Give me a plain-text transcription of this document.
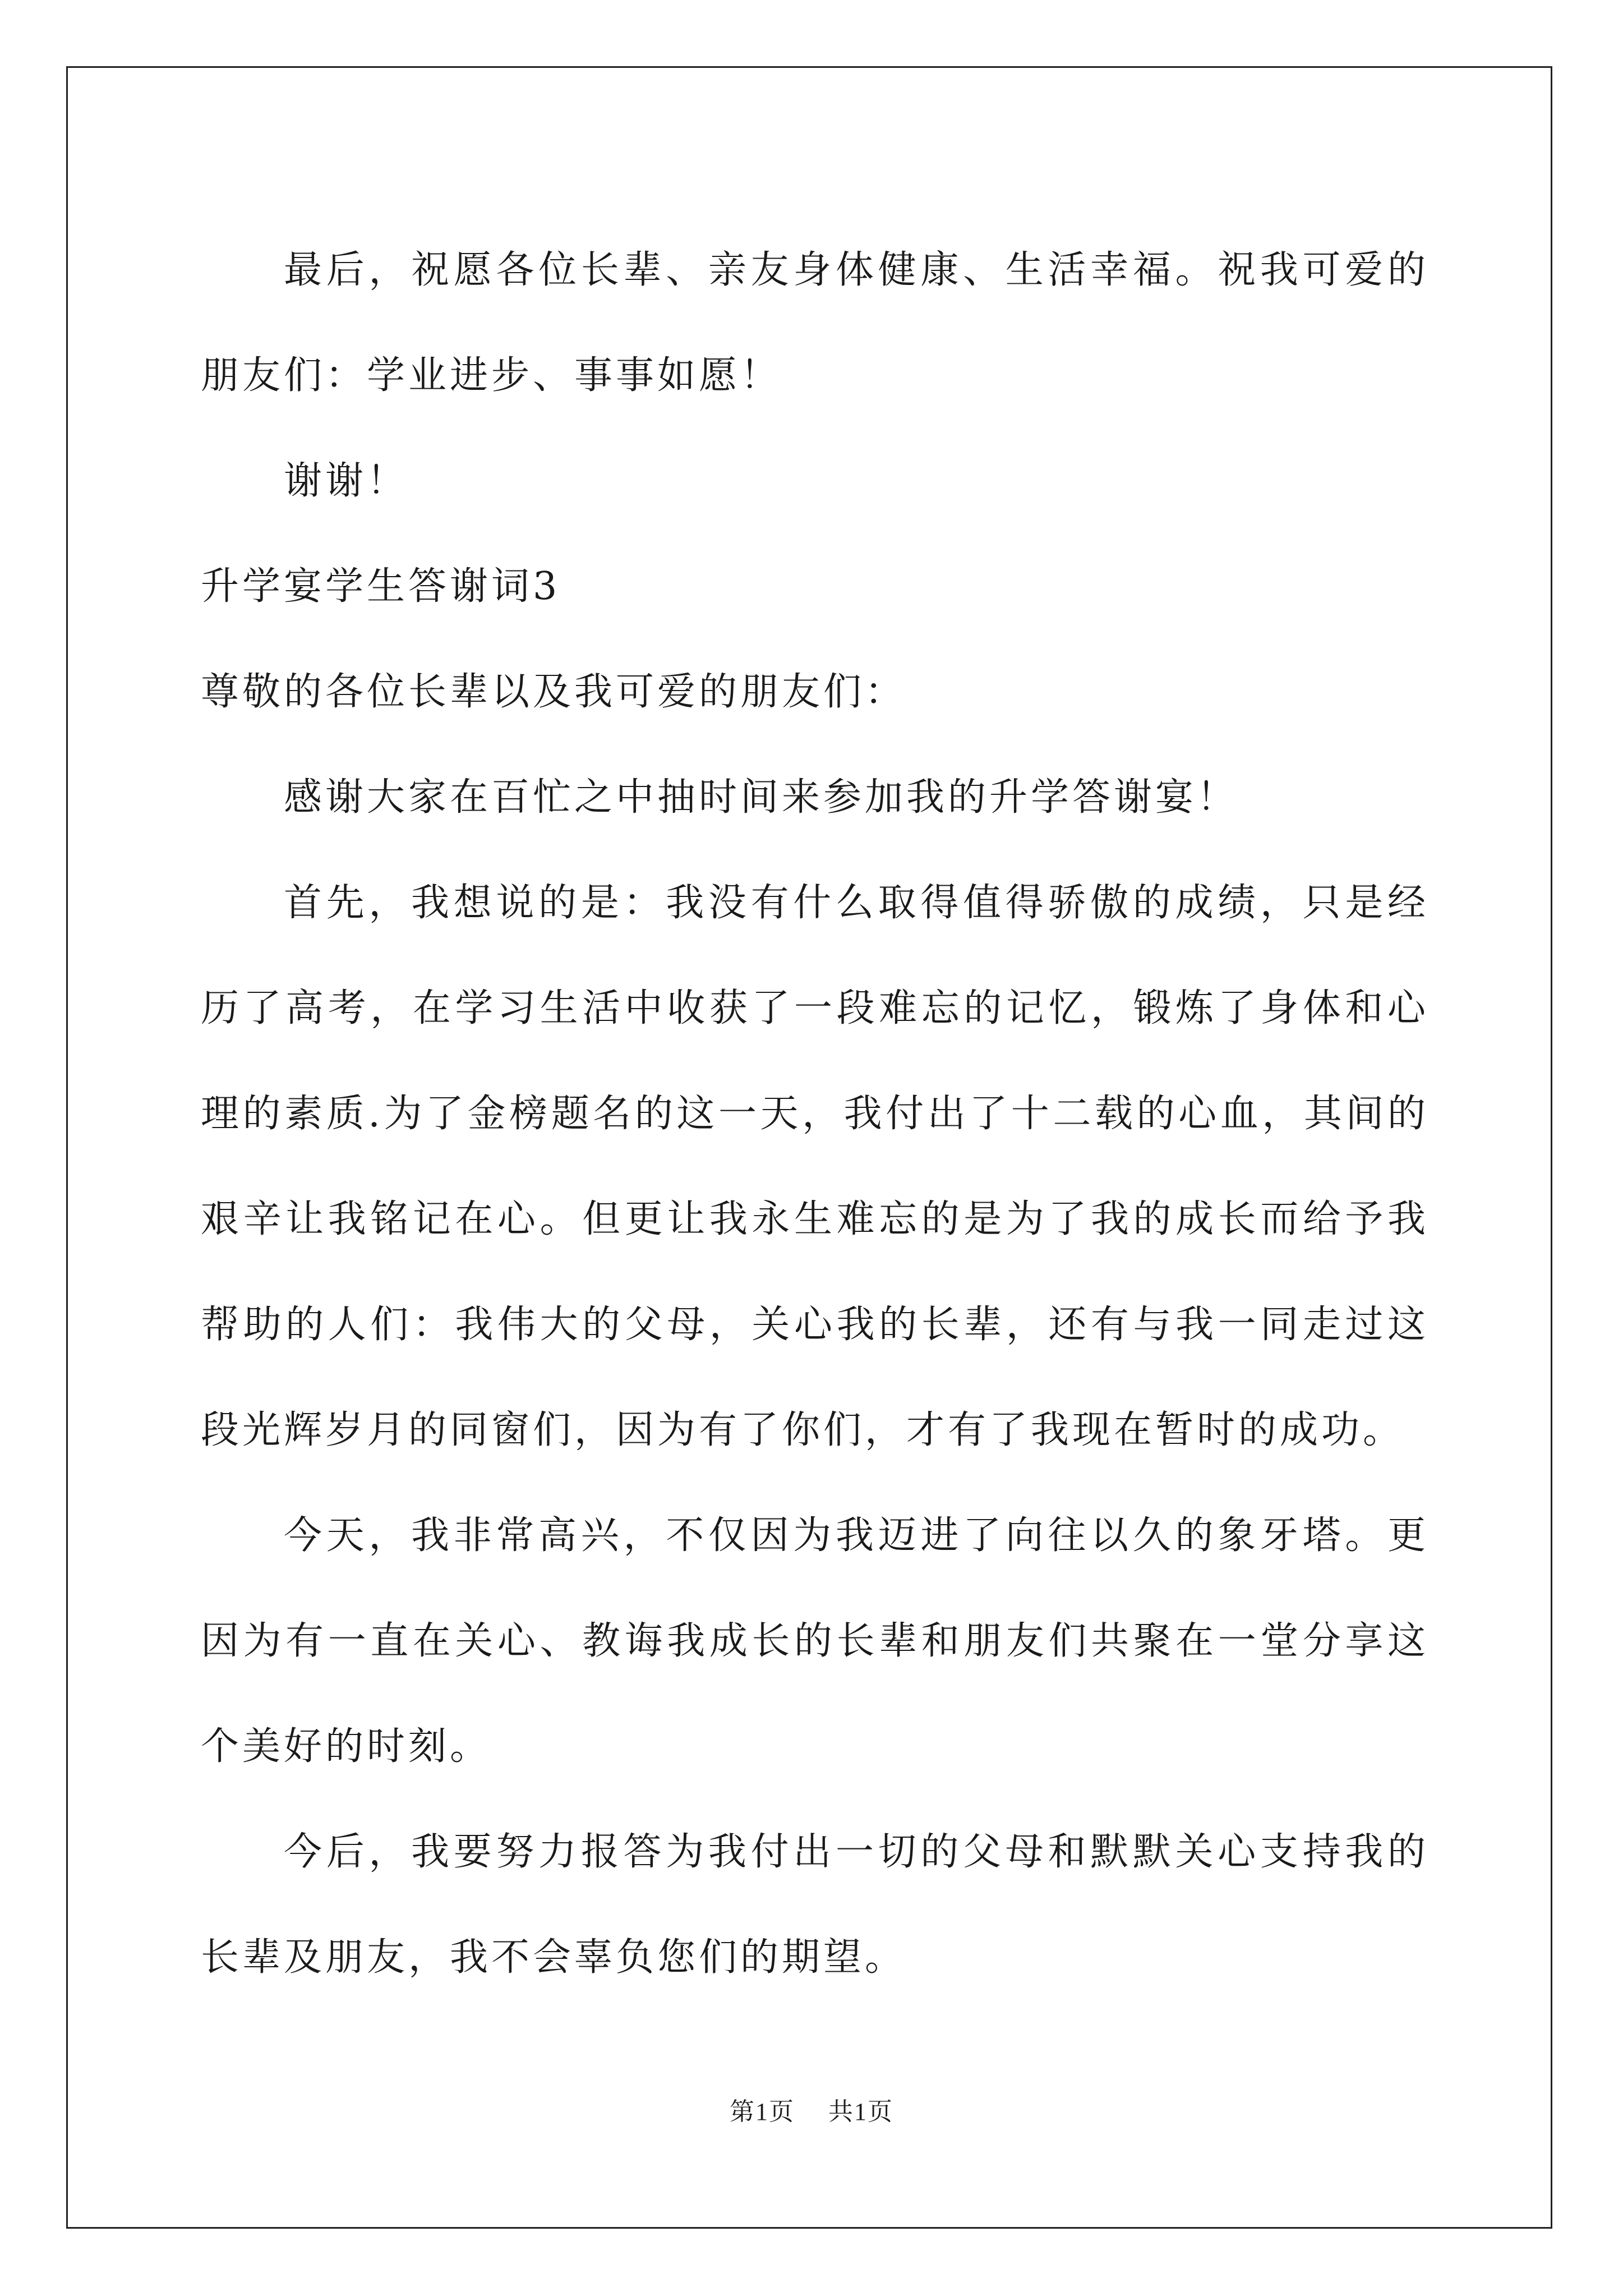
最后，祝愿各位长辈、亲友身体健康、生活幸福。祝我可爱的朋友们：学业进步、事事如愿！

谢谢！

升学宴学生答谢词3

尊敬的各位长辈以及我可爱的朋友们：

感谢大家在百忙之中抽时间来参加我的升学答谢宴！

首先，我想说的是：我没有什么取得值得骄傲的成绩，只是经历了高考，在学习生活中收获了一段难忘的记忆，锻炼了身体和心理的素质.为了金榜题名的这一天，我付出了十二载的心血，其间的艰辛让我铭记在心。但更让我永生难忘的是为了我的成长而给予我帮助的人们：我伟大的父母，关心我的长辈，还有与我一同走过这段光辉岁月的同窗们，因为有了你们，才有了我现在暂时的成功。

今天，我非常高兴，不仅因为我迈进了向往以久的象牙塔。更因为有一直在关心、教诲我成长的长辈和朋友们共聚在一堂分享这个美好的时刻。

今后，我要努力报答为我付出一切的父母和默默关心支持我的长辈及朋友，我不会辜负您们的期望。

第1页 共1页
